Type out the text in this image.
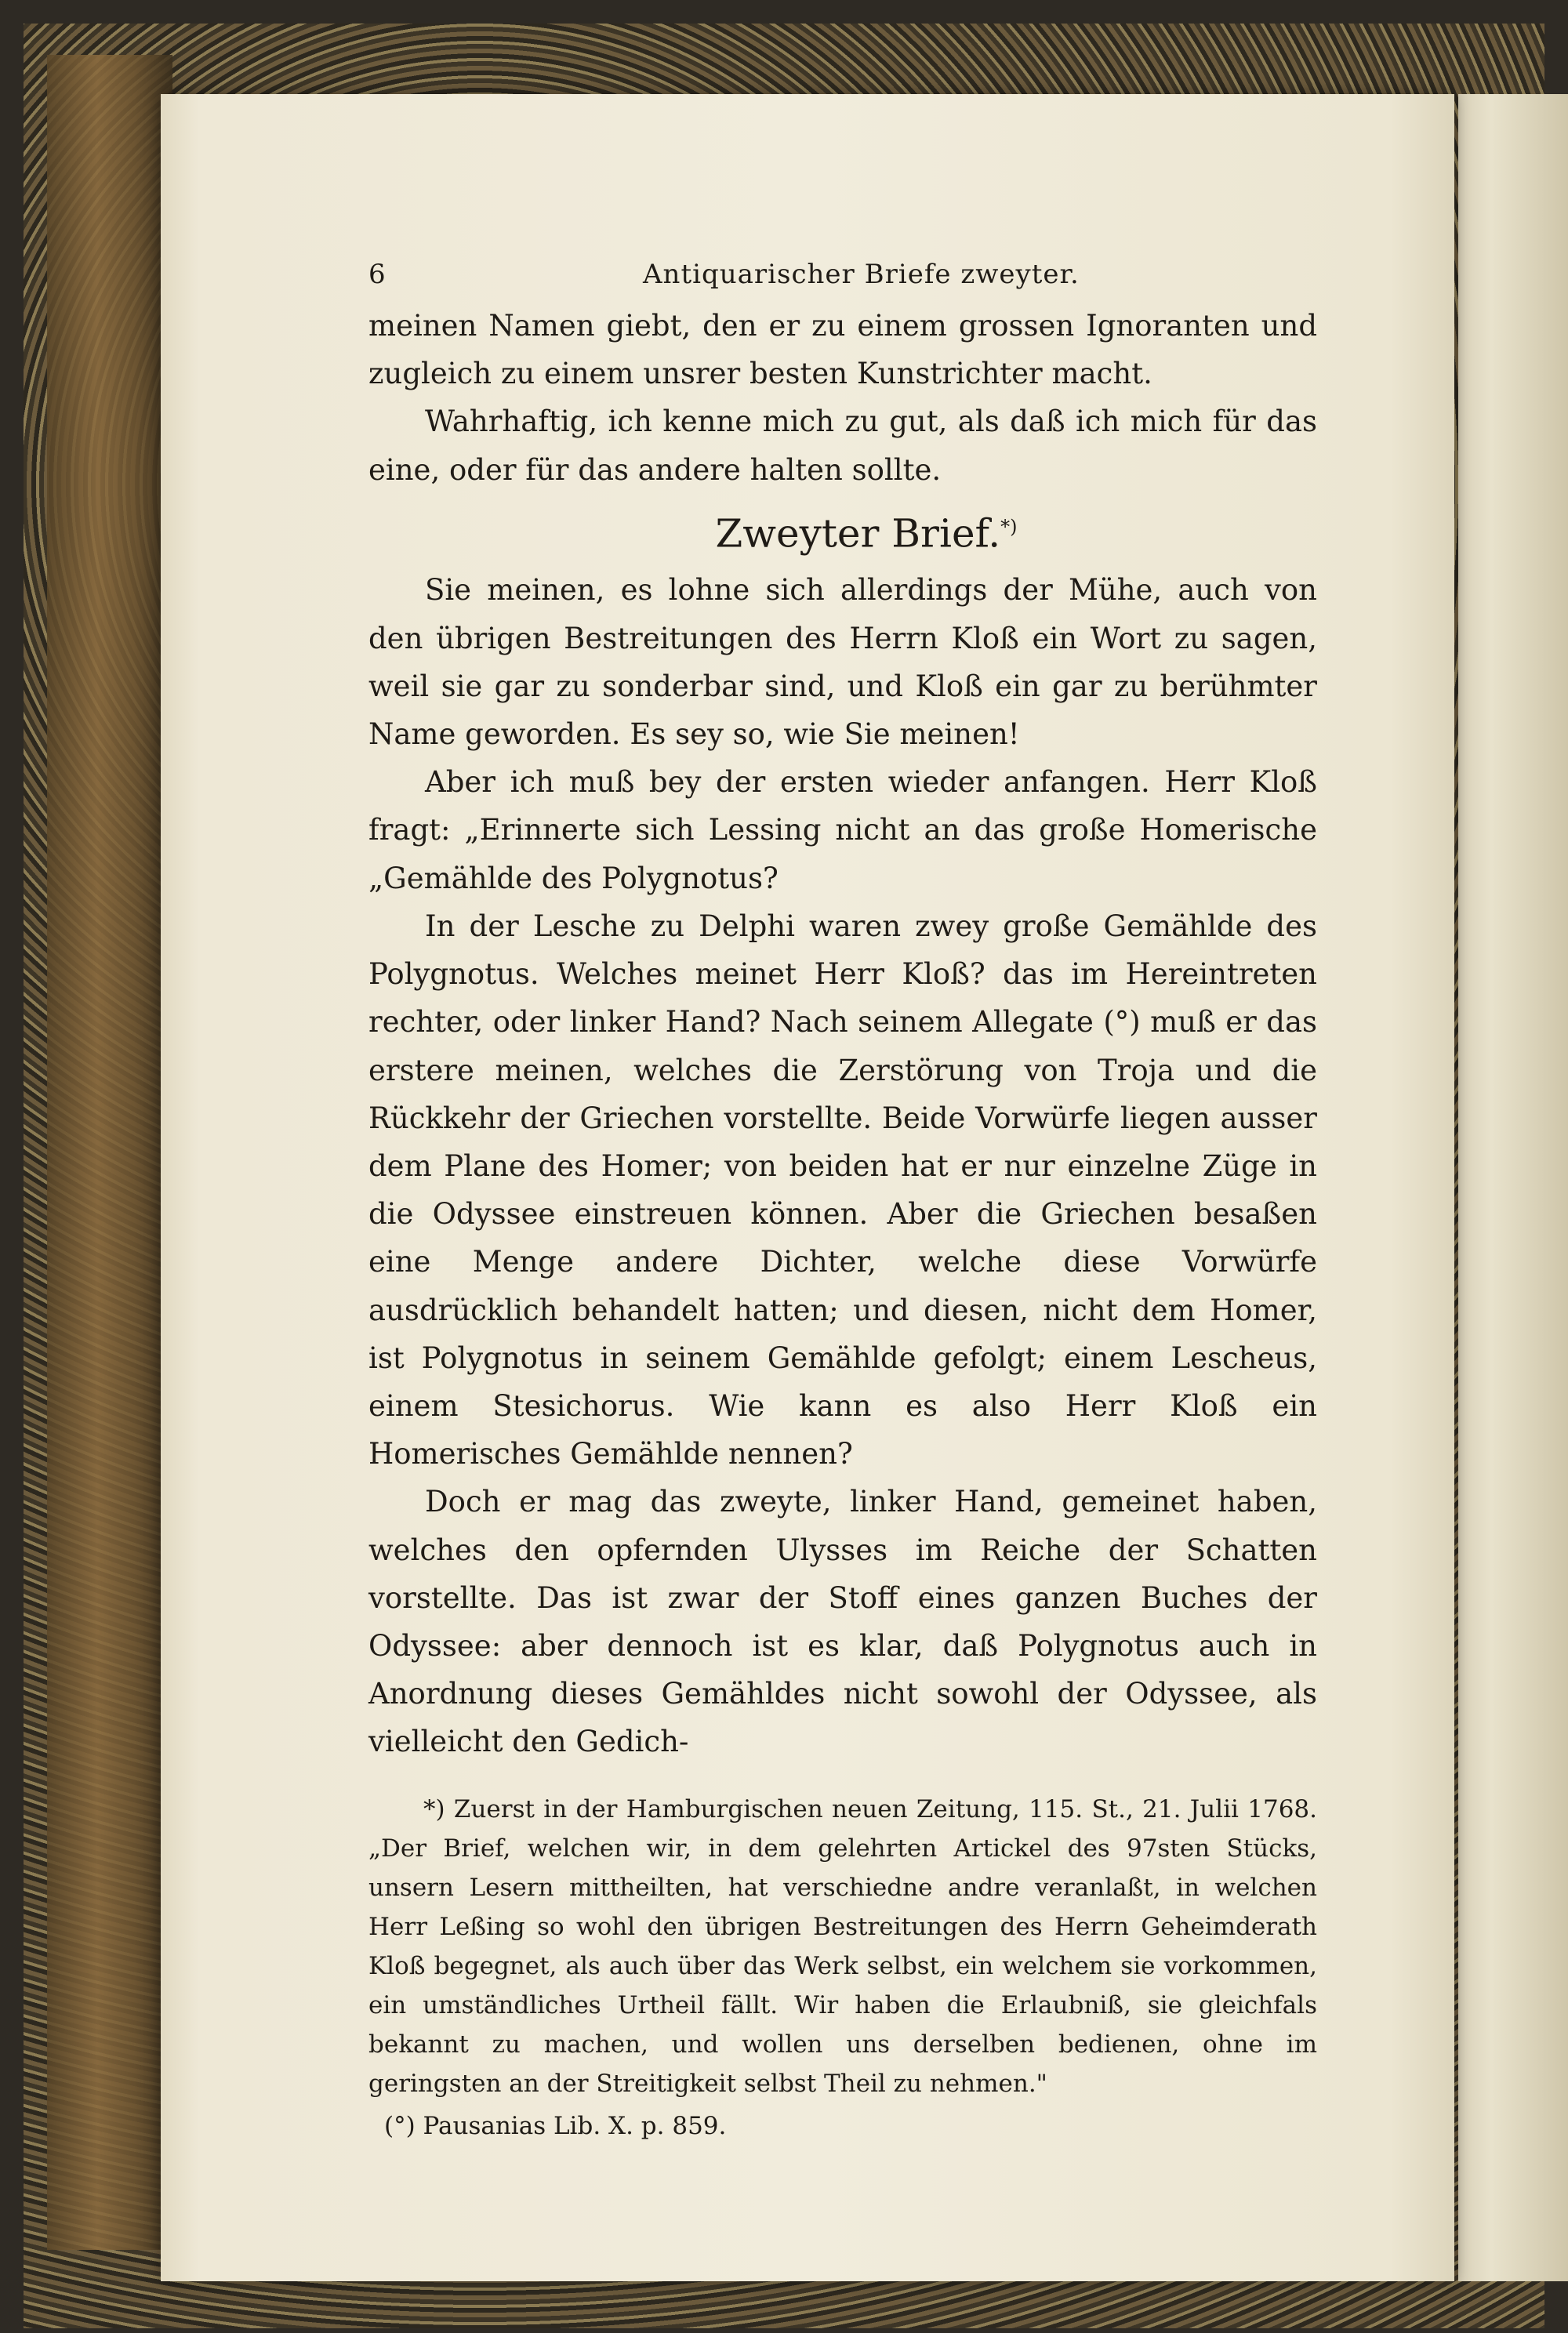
6	Antiquarischer Briefe zweyter.

meinen Namen giebt, den er zu einem grossen Ignoranten und zugleich zu einem unsrer besten Kunstrichter macht.

Wahrhaftig, ich kenne mich zu gut, als daß ich mich für das eine, oder für das andere halten sollte.

Zweyter Brief.*)

Sie meinen, es lohne sich allerdings der Mühe, auch von den übrigen Bestreitungen des Herrn Kloß ein Wort zu sagen, weil sie gar zu sonderbar sind, und Kloß ein gar zu berühmter Name geworden. Es sey so, wie Sie meinen!

Aber ich muß bey der ersten wieder anfangen. Herr Kloß fragt: „Erinnerte sich Lessing nicht an das große Homerische „Gemählde des Polygnotus?

In der Lesche zu Delphi waren zwey große Gemählde des Polygnotus. Welches meinet Herr Kloß? das im Hereintreten rechter, oder linker Hand? Nach seinem Allegate (°) muß er das erstere meinen, welches die Zerstörung von Troja und die Rückkehr der Griechen vorstellte. Beide Vorwürfe liegen ausser dem Plane des Homer; von beiden hat er nur einzelne Züge in die Odyssee einstreuen können. Aber die Griechen besaßen eine Menge andere Dichter, welche diese Vorwürfe ausdrücklich behandelt hatten; und diesen, nicht dem Homer, ist Polygnotus in seinem Gemählde gefolgt; einem Lescheus, einem Stesichorus. Wie kann es also Herr Kloß ein Homerisches Gemählde nennen?

Doch er mag das zweyte, linker Hand, gemeinet haben, welches den opfernden Ulysses im Reiche der Schatten vorstellte. Das ist zwar der Stoff eines ganzen Buches der Odyssee: aber dennoch ist es klar, daß Polygnotus auch in Anordnung dieses Gemähldes nicht sowohl der Odyssee, als vielleicht den Gedich-

*) Zuerst in der Hamburgischen neuen Zeitung, 115. St., 21. Julii 1768. „Der Brief, welchen wir, in dem gelehrten Artickel des 97sten Stücks, unsern Lesern mittheilten, hat verschiedne andre veranlaßt, in welchen Herr Leßing so wohl den übrigen Bestreitungen des Herrn Geheimderath Kloß begegnet, als auch über das Werk selbst, ein welchem sie vorkommen, ein umständliches Urtheil fällt. Wir haben die Erlaubniß, sie gleichfals bekannt zu machen, und wollen uns derselben bedienen, ohne im geringsten an der Streitigkeit selbst Theil zu nehmen."

(°) Pausanias Lib. X. p. 859.
